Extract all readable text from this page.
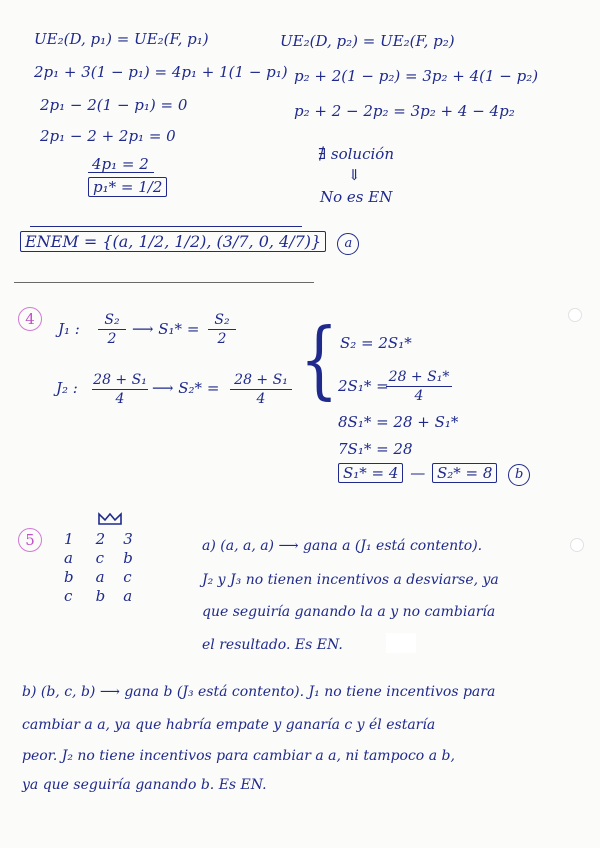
UE₂(D, p₁) = UE₂(F, p₁)
2p₁ + 3(1 − p₁) = 4p₁ + 1(1 − p₁)
2p₁ − 2(1 − p₁) = 0
2p₁ − 2 + 2p₁ = 0
4p₁ = 2
p₁* = 1/2
UE₂(D, p₂) = UE₂(F, p₂)
p₂ + 2(1 − p₂) = 3p₂ + 4(1 − p₂)
p₂ + 2 − 2p₂ = 3p₂ + 4 − 4p₂
∄ solución
⇓
No es EN
ENEM = {(a, 1/2, 1/2), (3/7, 0, 4/7)} a
4
J₁ :	S₂
2
⟶ S₁* =	S₂
2
J₂ : 28 + S₁
4
⟶ S₂* = 28 + S₁
4 { S₂ = 2S₁*
2S₁* = 28 + S₁*
4
8S₁* = 28 + S₁*
7S₁* = 28
S₁* = 4 — S₂* = 8 b
5	1	2	3
a	c	b
b	a	c
c	b	a
a) (a, a, a) ⟶ gana a (J₁ está contento).
J₂ y J₃ no tienen incentivos a desviarse, ya
que seguiría ganando la a y no cambiaría
el resultado. Es EN.
b) (b, c, b) ⟶ gana b (J₃ está contento). J₁ no tiene incentivos para
cambiar a a, ya que habría empate y ganaría c y él estaría
peor. J₂ no tiene incentivos para cambiar a a, ni tampoco a b,
ya que seguiría ganando b. Es EN.
